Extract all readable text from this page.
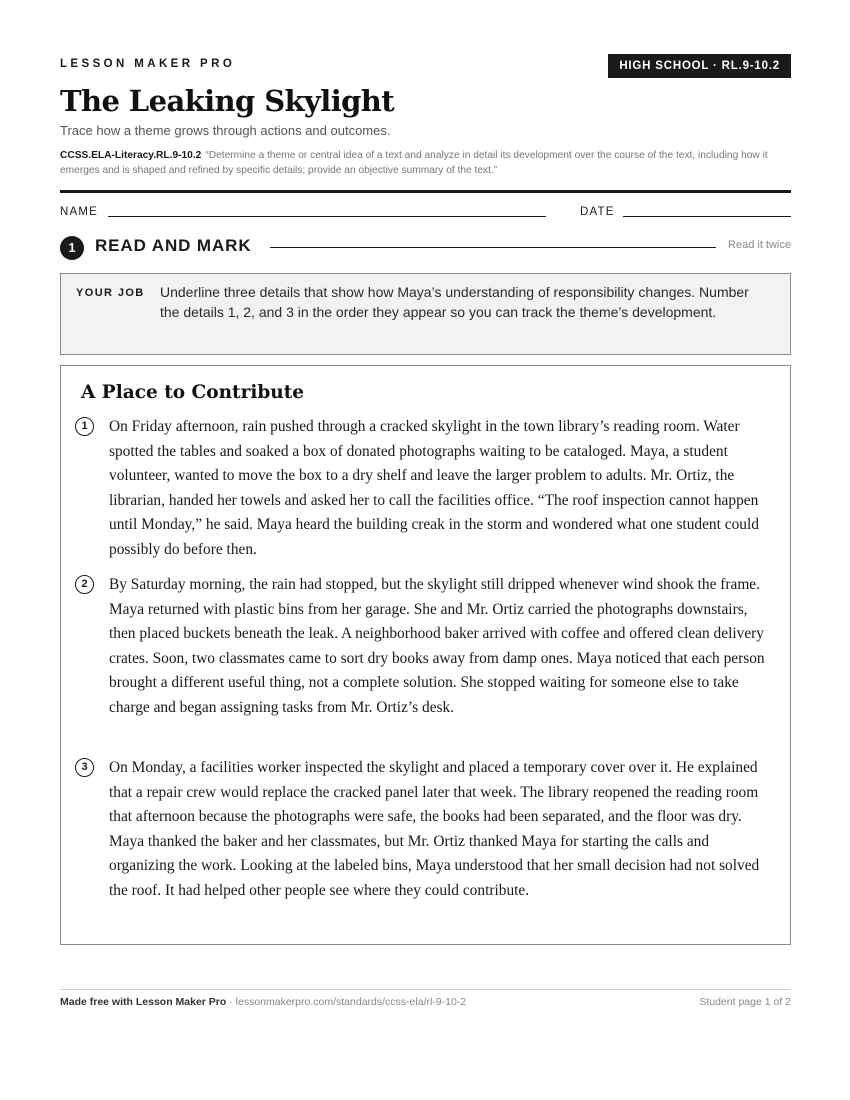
LESSON MAKER PRO	HIGH SCHOOL · RL.9-10.2
The Leaking Skylight
Trace how a theme grows through actions and outcomes.
CCSS.ELA-Literacy.RL.9-10.2 “Determine a theme or central idea of a text and analyze in detail its development over the course of the text, including how it emerges and is shaped and refined by specific details; provide an objective summary of the text.”
NAME	DATE
1	READ AND MARK	Read it twice
YOUR JOB Underline three details that show how Maya’s understanding of responsibility changes. Number the details 1, 2, and 3 in the order they appear so you can track the theme’s development.
A Place to Contribute
1	On Friday afternoon, rain pushed through a cracked skylight in the town library’s reading room. Water spotted the tables and soaked a box of donated photographs waiting to be cataloged. Maya, a student volunteer, wanted to move the box to a dry shelf and leave the larger problem to adults. Mr. Ortiz, the librarian, handed her towels and asked her to call the facilities office. “The roof inspection cannot happen until Monday,” he said. Maya heard the building creak in the storm and wondered what one student could possibly do before then.
2	By Saturday morning, the rain had stopped, but the skylight still dripped whenever wind shook the frame. Maya returned with plastic bins from her garage. She and Mr. Ortiz carried the photographs downstairs, then placed buckets beneath the leak. A neighborhood baker arrived with coffee and offered clean delivery crates. Soon, two classmates came to sort dry books away from damp ones. Maya noticed that each person brought a different useful thing, not a complete solution. She stopped waiting for someone else to take charge and began assigning tasks from Mr. Ortiz’s desk.
3	On Monday, a facilities worker inspected the skylight and placed a temporary cover over it. He explained that a repair crew would replace the cracked panel later that week. The library reopened the reading room that afternoon because the photographs were safe, the books had been separated, and the floor was dry. Maya thanked the baker and her classmates, but Mr. Ortiz thanked Maya for starting the calls and organizing the work. Looking at the labeled bins, Maya understood that her small decision had not solved the roof. It had helped other people see where they could contribute.
Made free with Lesson Maker Pro · lessonmakerpro.com/standards/ccss-ela/rl-9-10-2	Student page 1 of 2
